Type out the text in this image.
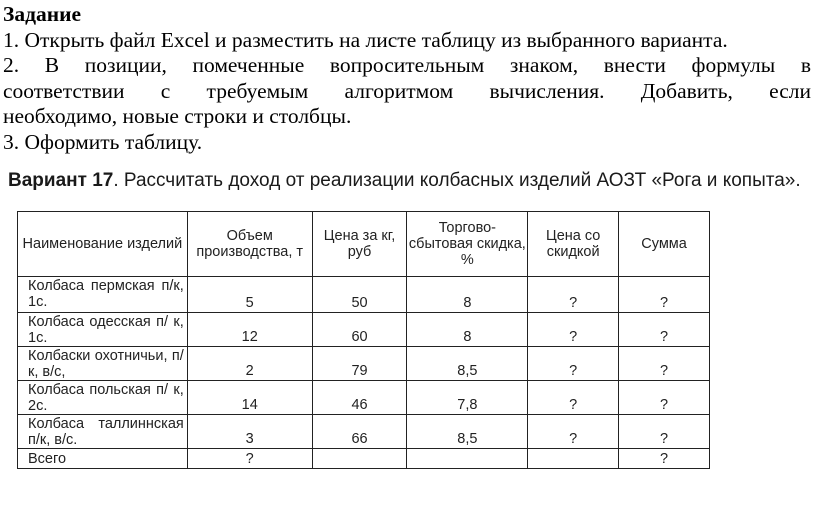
Задание
1. Открыть файл Excel и разместить на листе таблицу из выбранного варианта.
2. В позиции, помеченные вопросительным знаком, внести формулы в
соответствии с требуемым алгоритмом вычисления. Добавить, если
необходимо, новые строки и столбцы.
3. Оформить таблицу.
Вариант 17. Рассчитать доход от реализации колбасных изделий АОЗТ «Рога и копыта».
Наименование изделий	Объем производства, т	Цена за кг, руб	Торгово-сбытовая скидка, %	Цена со скидкой	Сумма
Колбаса пермская п/к, 1с.	5	50	8	?	?
Колбаса одесская п/ к, 1с.	12	60	8	?	?
Колбаски охотничьи, п/к, в/с,	2	79	8,5	?	?
Колбаса польская п/ к, 2с.	14	46	7,8	?	?
Колбаса таллиннская п/к, в/с.	3	66	8,5	?	?
Всего	?				?
